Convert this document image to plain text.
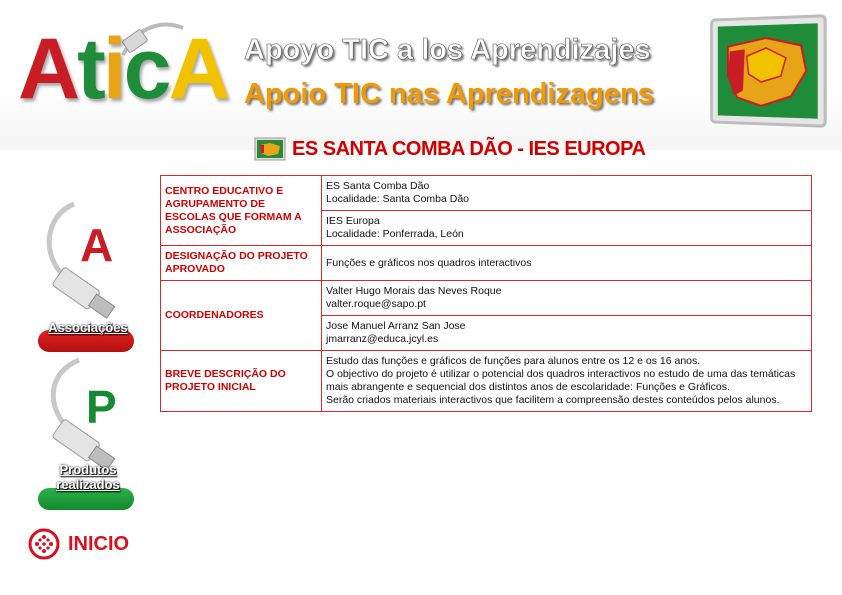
AticA Apoyo TIC a los Aprendizajes
Apoio TIC nas Aprendizagens
ES SANTA COMBA DÃO - IES EUROPA
A
Associações
P
Produtos
realizados
INICIO
CENTRO EDUCATIVO E AGRUPAMENTO DE ESCOLAS QUE FORMAM A ASSOCIAÇÃO	ES Santa Comba Dão
Localidade: Santa Comba Dão

	IES Europa
Localidade: Ponferrada, León

DESIGNAÇÃO DO PROJETO APROVADO	Funções e gráficos nos quadros interactivos
COORDENADORES	Valter Hugo Morais das Neves Roque
valter.roque@sapo.pt

	Jose Manuel Arranz San Jose
jmarranz@educa.jcyl.es

BREVE DESCRIÇÃO DO PROJETO INICIAL	Estudo das funções e gráficos de funções para alunos entre os 12 e os 16 anos.
O objectivo do projeto é utilizar o potencial dos quadros interactivos no estudo de uma das temáticas mais abrangente e sequencial dos distintos anos de escolaridade: Funções e Gráficos.
Serão criados materiais interactivos que facilitem a compreensão destes conteúdos pelos alunos.
